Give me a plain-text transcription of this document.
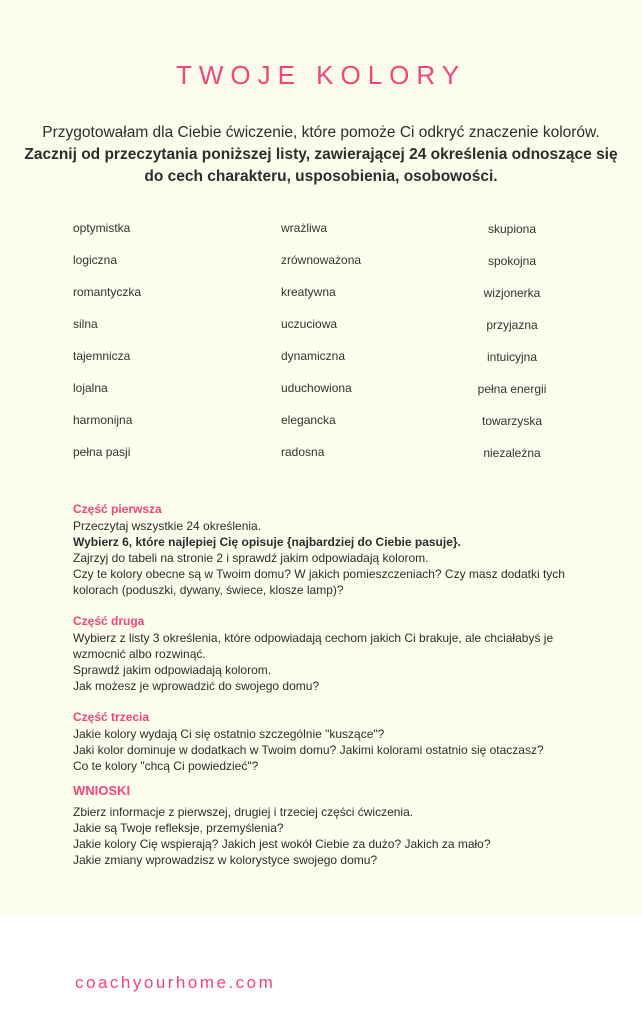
TWOJE KOLORY
Przygotowałam dla Ciebie ćwiczenie, które pomoże Ci odkryć znaczenie kolorów.
Zacznij od przeczytania poniższej listy, zawierającej 24 określenia odnoszące się do cech charakteru, usposobienia, osobowości.
optymistka
logiczna
romantyczka
silna
tajemnicza
lojalna
harmonijna
pełna pasji
wrażliwa
zrównoważona
kreatywna
uczuciowa
dynamiczna
uduchowiona
elegancka
radosna
skupiona
spokojna
wizjonerka
przyjazna
intuicyjna
pełna energii
towarzyska
niezależna
Część pierwsza
Przeczytaj wszystkie 24 określenia.
Wybierz 6, które najlepiej Cię opisuje {najbardziej do Ciebie pasuje}.
Zajrzyj do tabeli na stronie 2 i sprawdź jakim odpowiadają kolorom.
Czy te kolory obecne są w Twoim domu? W jakich pomieszczeniach? Czy masz dodatki tych kolorach (poduszki, dywany, świece, klosze lamp)?
Część druga
Wybierz z listy 3 określenia, które odpowiadają cechom jakich Ci brakuje, ale chciałabyś je wzmocnić albo rozwinąć.
Sprawdź jakim odpowiadają kolorom.
Jak możesz je wprowadzić do swojego domu?
Część trzecia
Jakie kolory wydają Ci się ostatnio szczególnie "kuszące"?
Jaki kolor dominuje w dodatkach w Twoim domu? Jakimi kolorami ostatnio się otaczasz?
Co te kolory "chcą Ci powiedzieć"?
WNIOSKI
Zbierz informacje z pierwszej, drugiej i trzeciej części ćwiczenia.
Jakie są Twoje refleksje, przemyślenia?
Jakie kolory Cię wspierają? Jakich jest wokół Ciebie za dużo? Jakich za mało?
Jakie zmiany wprowadzisz w kolorystyce swojego domu?
coachyourhome.com
